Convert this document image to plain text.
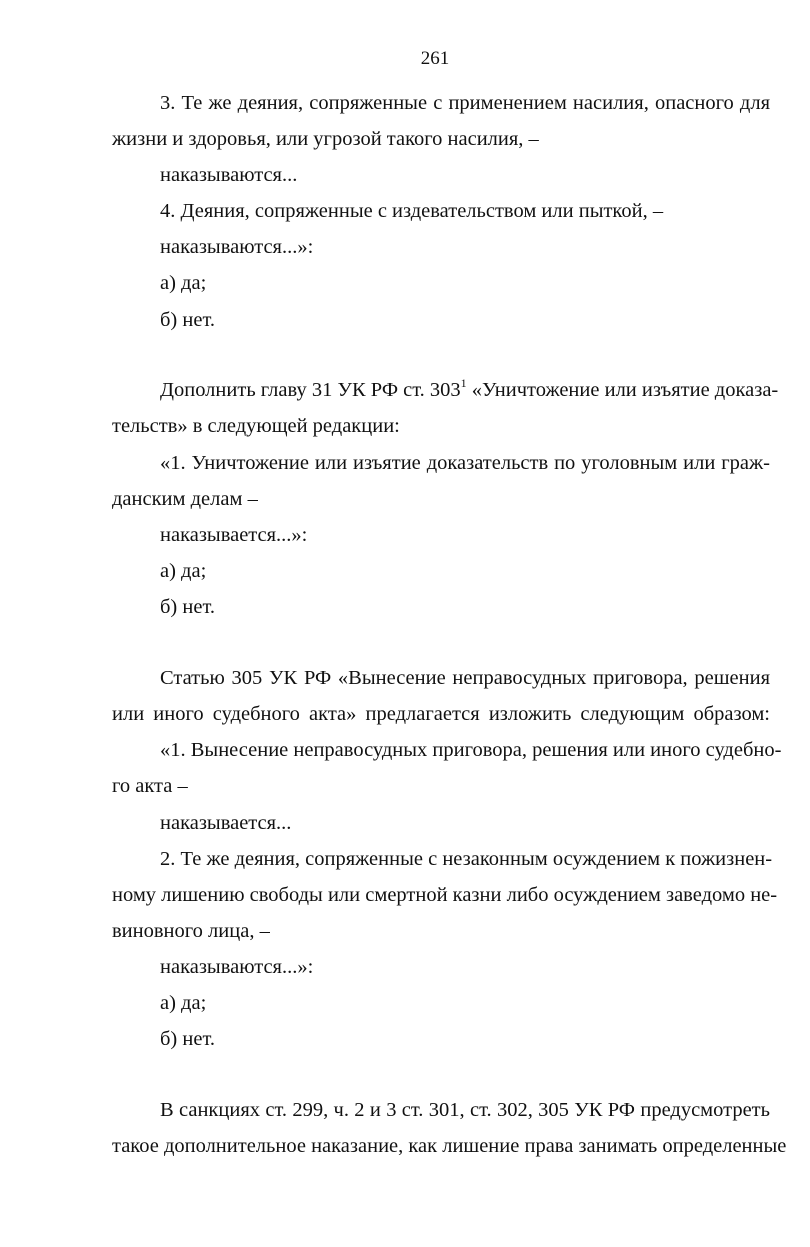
261
3. Те же деяния, сопряженные с применением насилия, опасного для
жизни и здоровья, или угрозой такого насилия, –
наказываются...
4. Деяния, сопряженные с издевательством или пыткой, –
наказываются...»:
а) да;
б) нет.
Дополнить главу 31 УК РФ ст. $303^1$ «Уничтожение или изъятие доказа-
тельств» в следующей редакции:
«1. Уничтожение или изъятие доказательств по уголовным или граж-
данским делам –
наказывается...»:
а) да;
б) нет.
Статью 305 УК РФ «Вынесение неправосудных приговора, решения
или иного судебного акта» предлагается изложить следующим образом:
«1. Вынесение неправосудных приговора, решения или иного судебно-
го акта –
наказывается...
2. Те же деяния, сопряженные с незаконным осуждением к пожизнен-
ному лишению свободы или смертной казни либо осуждением заведомо не-
виновного лица, –
наказываются...»:
а) да;
б) нет.
В санкциях ст. 299, ч. 2 и 3 ст. 301, ст. 302, 305 УК РФ предусмотреть
такое дополнительное наказание, как лишение права занимать определенные
